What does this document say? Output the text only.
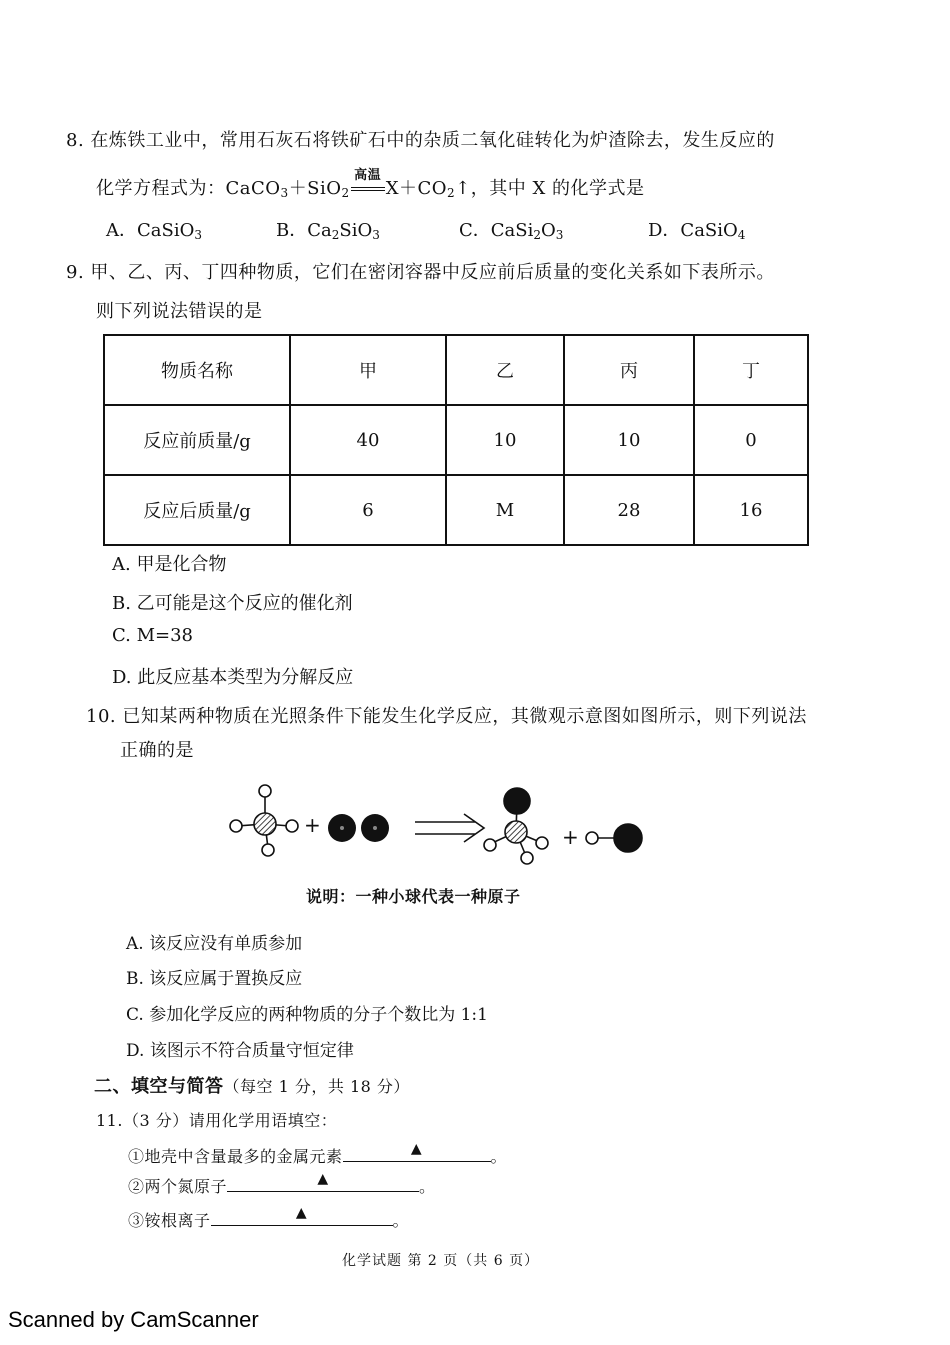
8. 在炼铁工业中，常用石灰石将铁矿石中的杂质二氧化硅转化为炉渣除去，发生反应的
化学方程式为：CaCO$_3$＋SiO$_2$
高温
$X+CO_2↑$，其中 X 的化学式是
A．CaSiO$_3$	B．$Ca_2SiO_3$	C．$CaSi_2O_3$	D．CaSiO$_4$
9. 甲、乙、丙、丁四种物质，它们在密闭容器中反应前后质量的变化关系如下表所示。
则下列说法错误的是
物质名称	甲	乙	丙	丁
反应前质量/g	40	10	10	0
反应后质量/g	6	M	28	16
A. 甲是化合物
B. 乙可能是这个反应的催化剂
C. M=38
D. 此反应基本类型为分解反应
10. 已知某两种物质在光照条件下能发生化学反应，其微观示意图如图所示，则下列说法
正确的是
+	+
说明：一种小球代表一种原子
A. 该反应没有单质参加
B. 该反应属于置换反应
C. 参加化学反应的两种物质的分子个数比为 1:1
D. 该图示不符合质量守恒定律
二、填空与简答（每空 1 分，共 18 分）
11.（3 分）请用化学用语填空：
①地壳中含量最多的金属元素	▲	。
②两个氮原子	▲	。
③铵根离子	▲	。
化学试题 第 2 页（共 6 页）
Scanned by CamScanner
